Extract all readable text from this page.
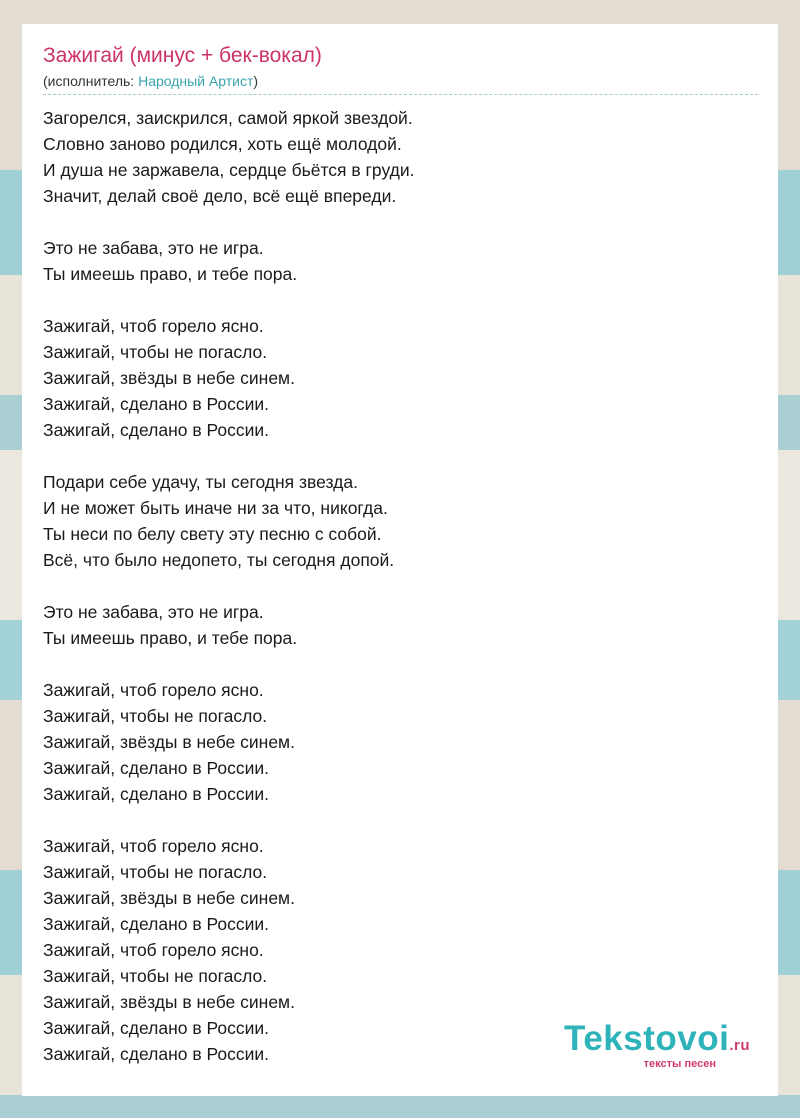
Зажигай (минус + бек-вокал)
(исполнитель: Народный Артист)
Загорелся, заискрился, самой яркой звездой.
Словно заново родился, хоть ещё молодой.
И душа не заржавела, сердце бьётся в груди.
Значит, делай своё дело, всё ещё впереди.
Это не забава, это не игра.
Ты имеешь право, и тебе пора.
Зажигай, чтоб горело ясно.
Зажигай, чтобы не погасло.
Зажигай, звёзды в небе синем.
Зажигай, сделано в России.
Зажигай, сделано в России.
Подари себе удачу, ты сегодня звезда.
И не может быть иначе ни за что, никогда.
Ты неси по белу свету эту песню с собой.
Всё, что было недопето, ты сегодня допой.
Это не забава, это не игра.
Ты имеешь право, и тебе пора.
Зажигай, чтоб горело ясно.
Зажигай, чтобы не погасло.
Зажигай, звёзды в небе синем.
Зажигай, сделано в России.
Зажигай, сделано в России.
Зажигай, чтоб горело ясно.
Зажигай, чтобы не погасло.
Зажигай, звёзды в небе синем.
Зажигай, сделано в России.
Зажигай, чтоб горело ясно.
Зажигай, чтобы не погасло.
Зажигай, звёзды в небе синем.
Зажигай, сделано в России.
Зажигай, сделано в России.	Tekstovoi.ru
тексты песен
